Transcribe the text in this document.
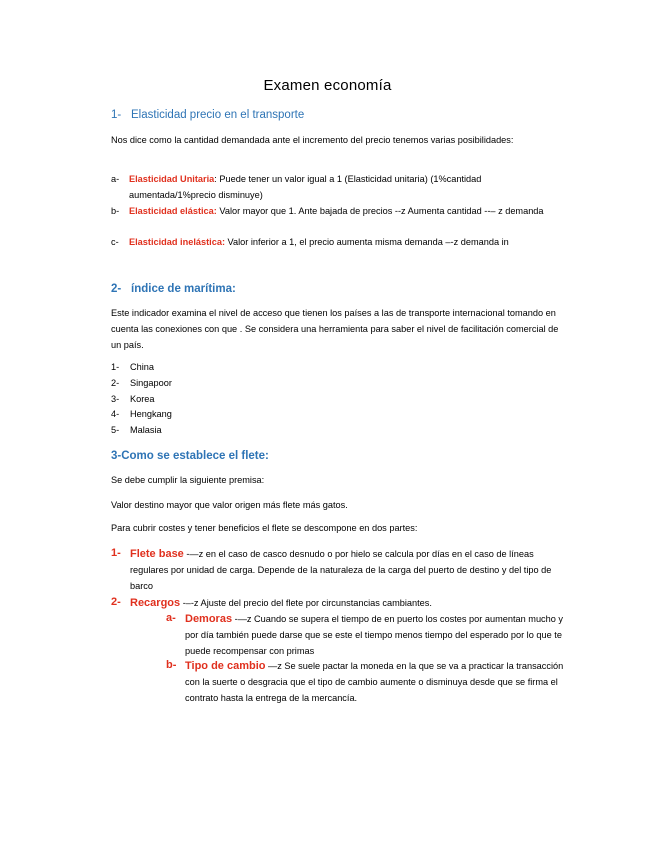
Examen economía
1- Elasticidad precio en el transporte
Nos dice como la cantidad demandada ante el incremento del precio tenemos varias posibilidades:
a- Elasticidad Unitaria: Puede tener un valor igual a 1 (Elasticidad unitaria) (1%cantidad aumentada/1%precio disminuye)
b- Elasticidad elástica: Valor mayor que 1. Ante bajada de precios --z Aumenta cantidad --– z demanda
c- Elasticidad inelástica: Valor inferior a 1, el precio aumenta misma demanda –-z demanda in
2- índice de marítima:
Este indicador examina el nivel de acceso que tienen los países a las de transporte internacional tomando en cuenta las conexiones con que . Se considera una herramienta para saber el nivel de facilitación comercial de un país.
1- China
2- Singapoor
3- Korea
4- Hengkang
5- Malasia
3-Como se establece el flete:
Se debe cumplir la siguiente premisa:
Valor destino mayor que valor origen más flete más gatos.
Para cubrir costes y tener beneficios el flete se descompone en dos partes:
1- Flete base -—z en el caso de casco desnudo o por hielo se calcula por días en el caso de líneas regulares por unidad de carga. Depende de la naturaleza de la carga del puerto de destino y del tipo de barco
2- Recargos -–-z Ajuste del precio del flete por circunstancias cambiantes.
a- Demoras -—z Cuando se supera el tiempo de en puerto los costes por aumentan mucho y por día también puede darse que se este el tiempo menos tiempo del esperado por lo que te puede recompensar con primas
b- Tipo de cambio —z Se suele pactar la moneda en la que se va a practicar la transacción con la suerte o desgracia que el tipo de cambio aumente o disminuya desde que se firma el contrato hasta la entrega de la mercancía.
